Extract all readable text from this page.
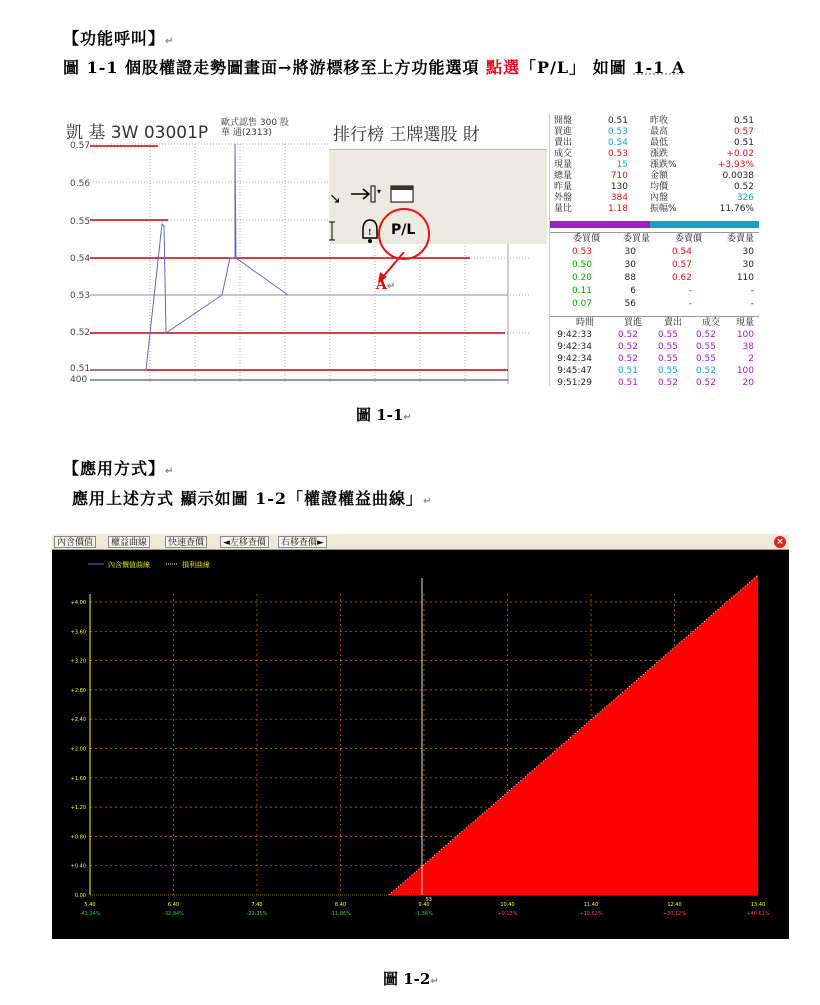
【功能呼叫】↵
圖 1-1 個股權證走勢圖畫面→將游標移至上方功能選項 點選「P/L」 如圖 1-1 A
凱 基 3W 03001P 歐式認售 300 股
華 通(2313)
0.57
0.56
0.55
0.54
0.53
0.52
0.51
400
排行榜 王牌選股 財
↘	▾
! P/L
A↵
開盤	0.51 昨收	0.51
買進	0.53 最高	0.57
賣出	0.54 最低	0.51
成交	0.53 漲跌	+0.02
現量	15 漲跌%	+3.93%
總量	710 金額	0.0038
昨量	130 均價	0.52
外盤	384 內盤	326
量比	1.18 振幅%	11.76%
委買價	委買量	委賣價	委賣量
0.53	30	0.54	30
0.50	30	0.57	30
0.20	88	0.62	110
0.11	6	-	-
0.07	56	-	-
時間	買進	賣出	成交	現量
9:42:33	0.52	0.55	0.52	100
9:42:34	0.52	0.55	0.55	38
9:42:34	0.52	0.55	0.55	2
9:45:47	0.51	0.55	0.52	100
9:51:29	0.51	0.52	0.52	20
圖 1-1↵
【應用方式】↵
應用上述方式 顯示如圖 1-2「權證權益曲線」↵
內含價值	權益曲線	快速查價	◄左移查價	右移查價►	×
+4.00
+3.60
+3.20
+2.80
+2.40
+2.00
+1.60
+1.20
+0.80
+0.40
0.00
5.40
-43.34%
6.40
-32.84%
7.40
-22.35%
8.40
-11.86%
9.40
-1.36%
10.40
+9.13%
11.40
+19.62%
12.40
+30.12%
13.40
+40.61%
.53
內含價值曲線	損利曲線
圖 1-2↵
